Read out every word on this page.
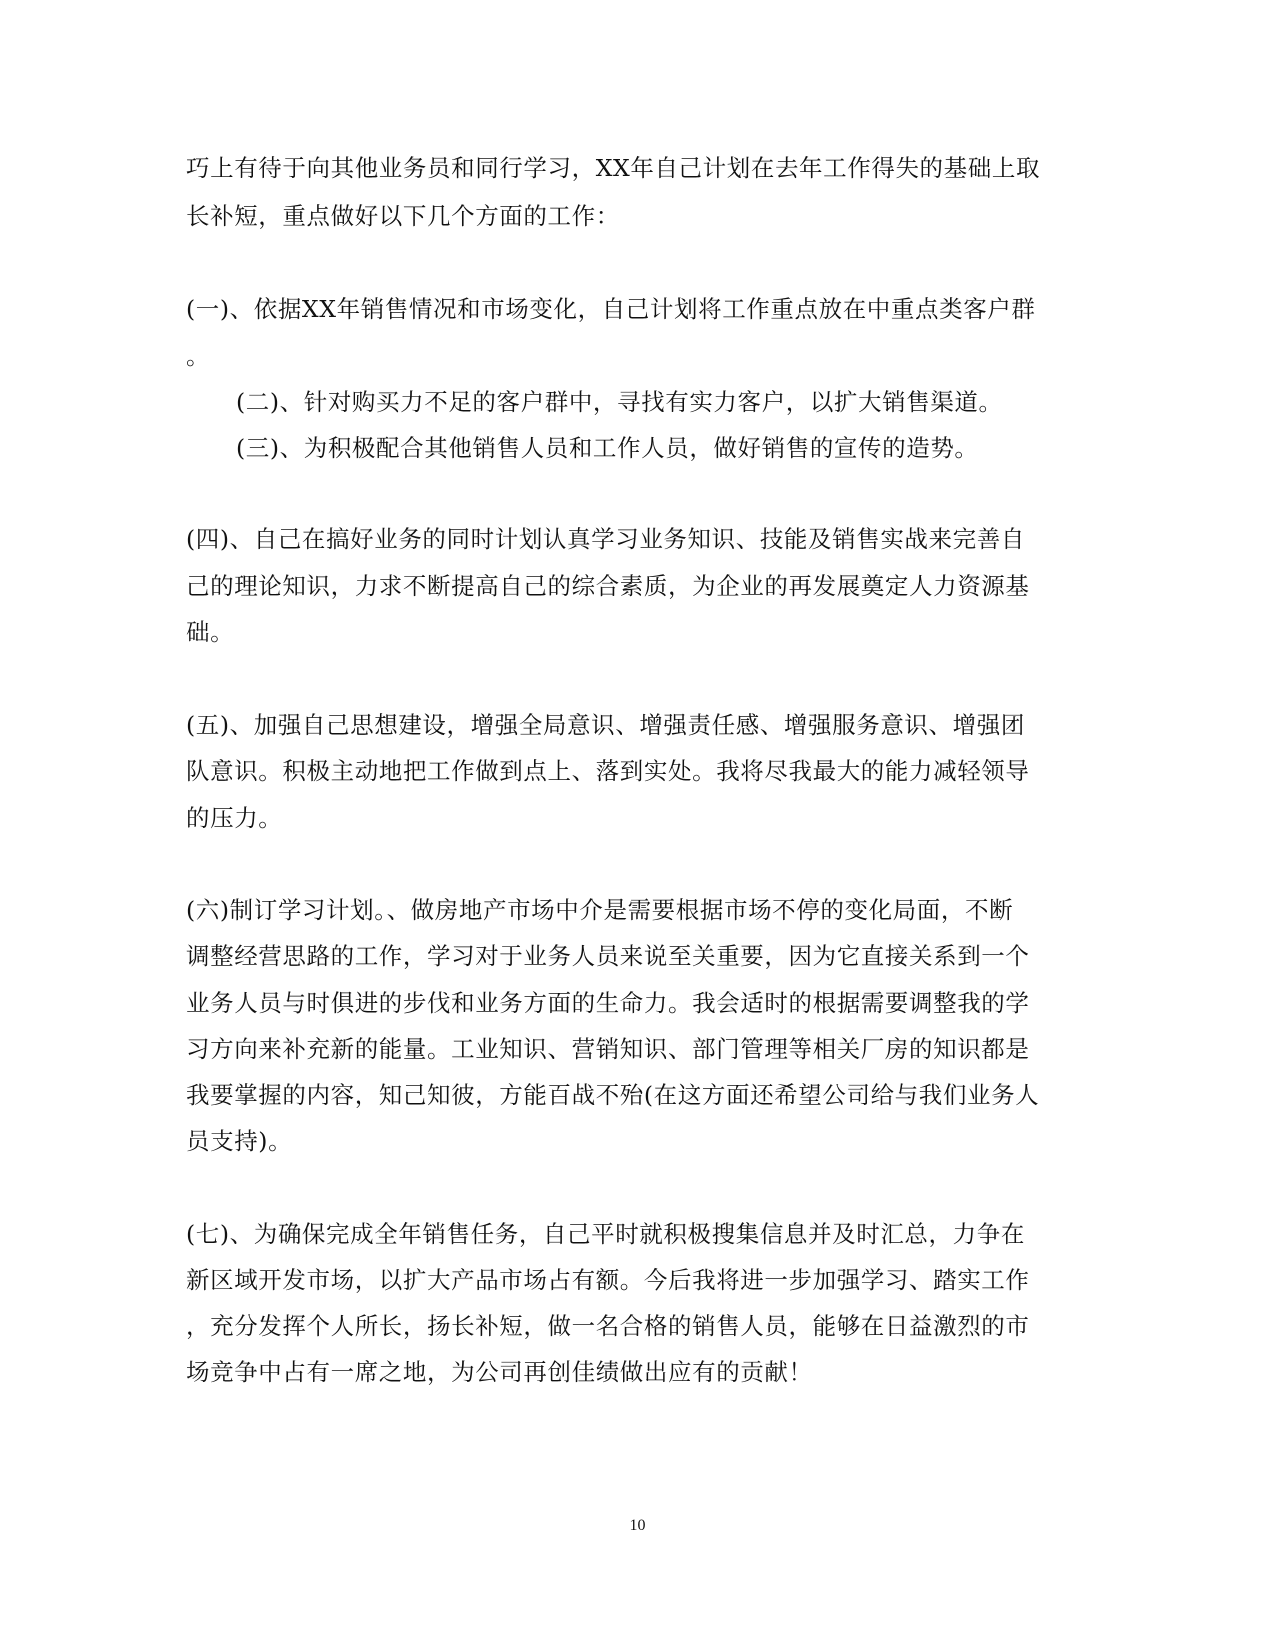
巧上有待于向其他业务员和同行学习，XX年自己计划在去年工作得失的基础上取
长补短，重点做好以下几个方面的工作：
(一)、依据XX年销售情况和市场变化，自己计划将工作重点放在中重点类客户群
。
(二)、针对购买力不足的客户群中，寻找有实力客户，以扩大销售渠道。
(三)、为积极配合其他销售人员和工作人员，做好销售的宣传的造势。
(四)、自己在搞好业务的同时计划认真学习业务知识、技能及销售实战来完善自
己的理论知识，力求不断提高自己的综合素质，为企业的再发展奠定人力资源基
础。
(五)、加强自己思想建设，增强全局意识、增强责任感、增强服务意识、增强团
队意识。积极主动地把工作做到点上、落到实处。我将尽我最大的能力减轻领导
的压力。
(六)制订学习计划。、做房地产市场中介是需要根据市场不停的变化局面，不断
调整经营思路的工作，学习对于业务人员来说至关重要，因为它直接关系到一个
业务人员与时俱进的步伐和业务方面的生命力。我会适时的根据需要调整我的学
习方向来补充新的能量。工业知识、营销知识、部门管理等相关厂房的知识都是
我要掌握的内容，知己知彼，方能百战不殆(在这方面还希望公司给与我们业务人
员支持)。
(七)、为确保完成全年销售任务，自己平时就积极搜集信息并及时汇总，力争在
新区域开发市场，以扩大产品市场占有额。今后我将进一步加强学习、踏实工作
，充分发挥个人所长，扬长补短，做一名合格的销售人员，能够在日益激烈的市
场竞争中占有一席之地，为公司再创佳绩做出应有的贡献！
10
